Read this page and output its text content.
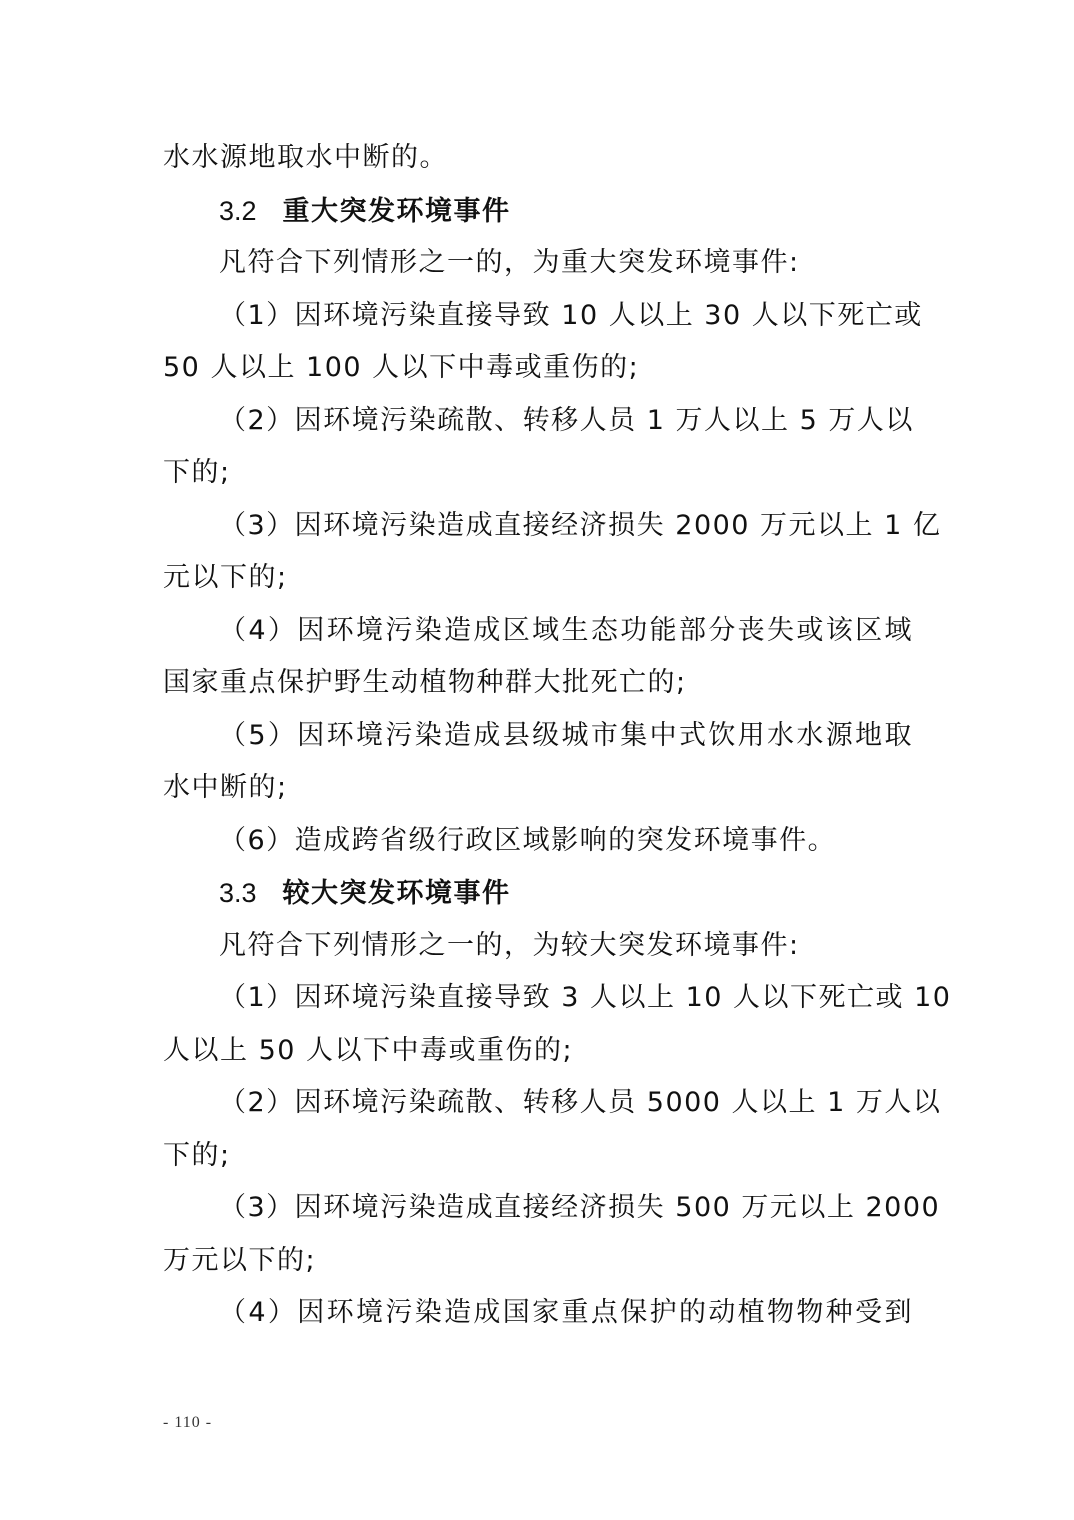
水水源地取水中断的。
3.2 重大突发环境事件
凡符合下列情形之一的，为重大突发环境事件:
（1）因环境污染直接导致 10 人以上 30 人以下死亡或
50 人以上 100 人以下中毒或重伤的;
（2）因环境污染疏散、转移人员 1 万人以上 5 万人以
下的;
（3）因环境污染造成直接经济损失 2000 万元以上 1 亿
元以下的;
（4）因环境污染造成区域生态功能部分丧失或该区域
国家重点保护野生动植物种群大批死亡的;
（5）因环境污染造成县级城市集中式饮用水水源地取
水中断的;
（6）造成跨省级行政区域影响的突发环境事件。
3.3 较大突发环境事件
凡符合下列情形之一的，为较大突发环境事件:
（1）因环境污染直接导致 3 人以上 10 人以下死亡或 10
人以上 50 人以下中毒或重伤的;
（2）因环境污染疏散、转移人员 5000 人以上 1 万人以
下的;
（3）因环境污染造成直接经济损失 500 万元以上 2000
万元以下的;
（4）因环境污染造成国家重点保护的动植物物种受到
- 110 -
